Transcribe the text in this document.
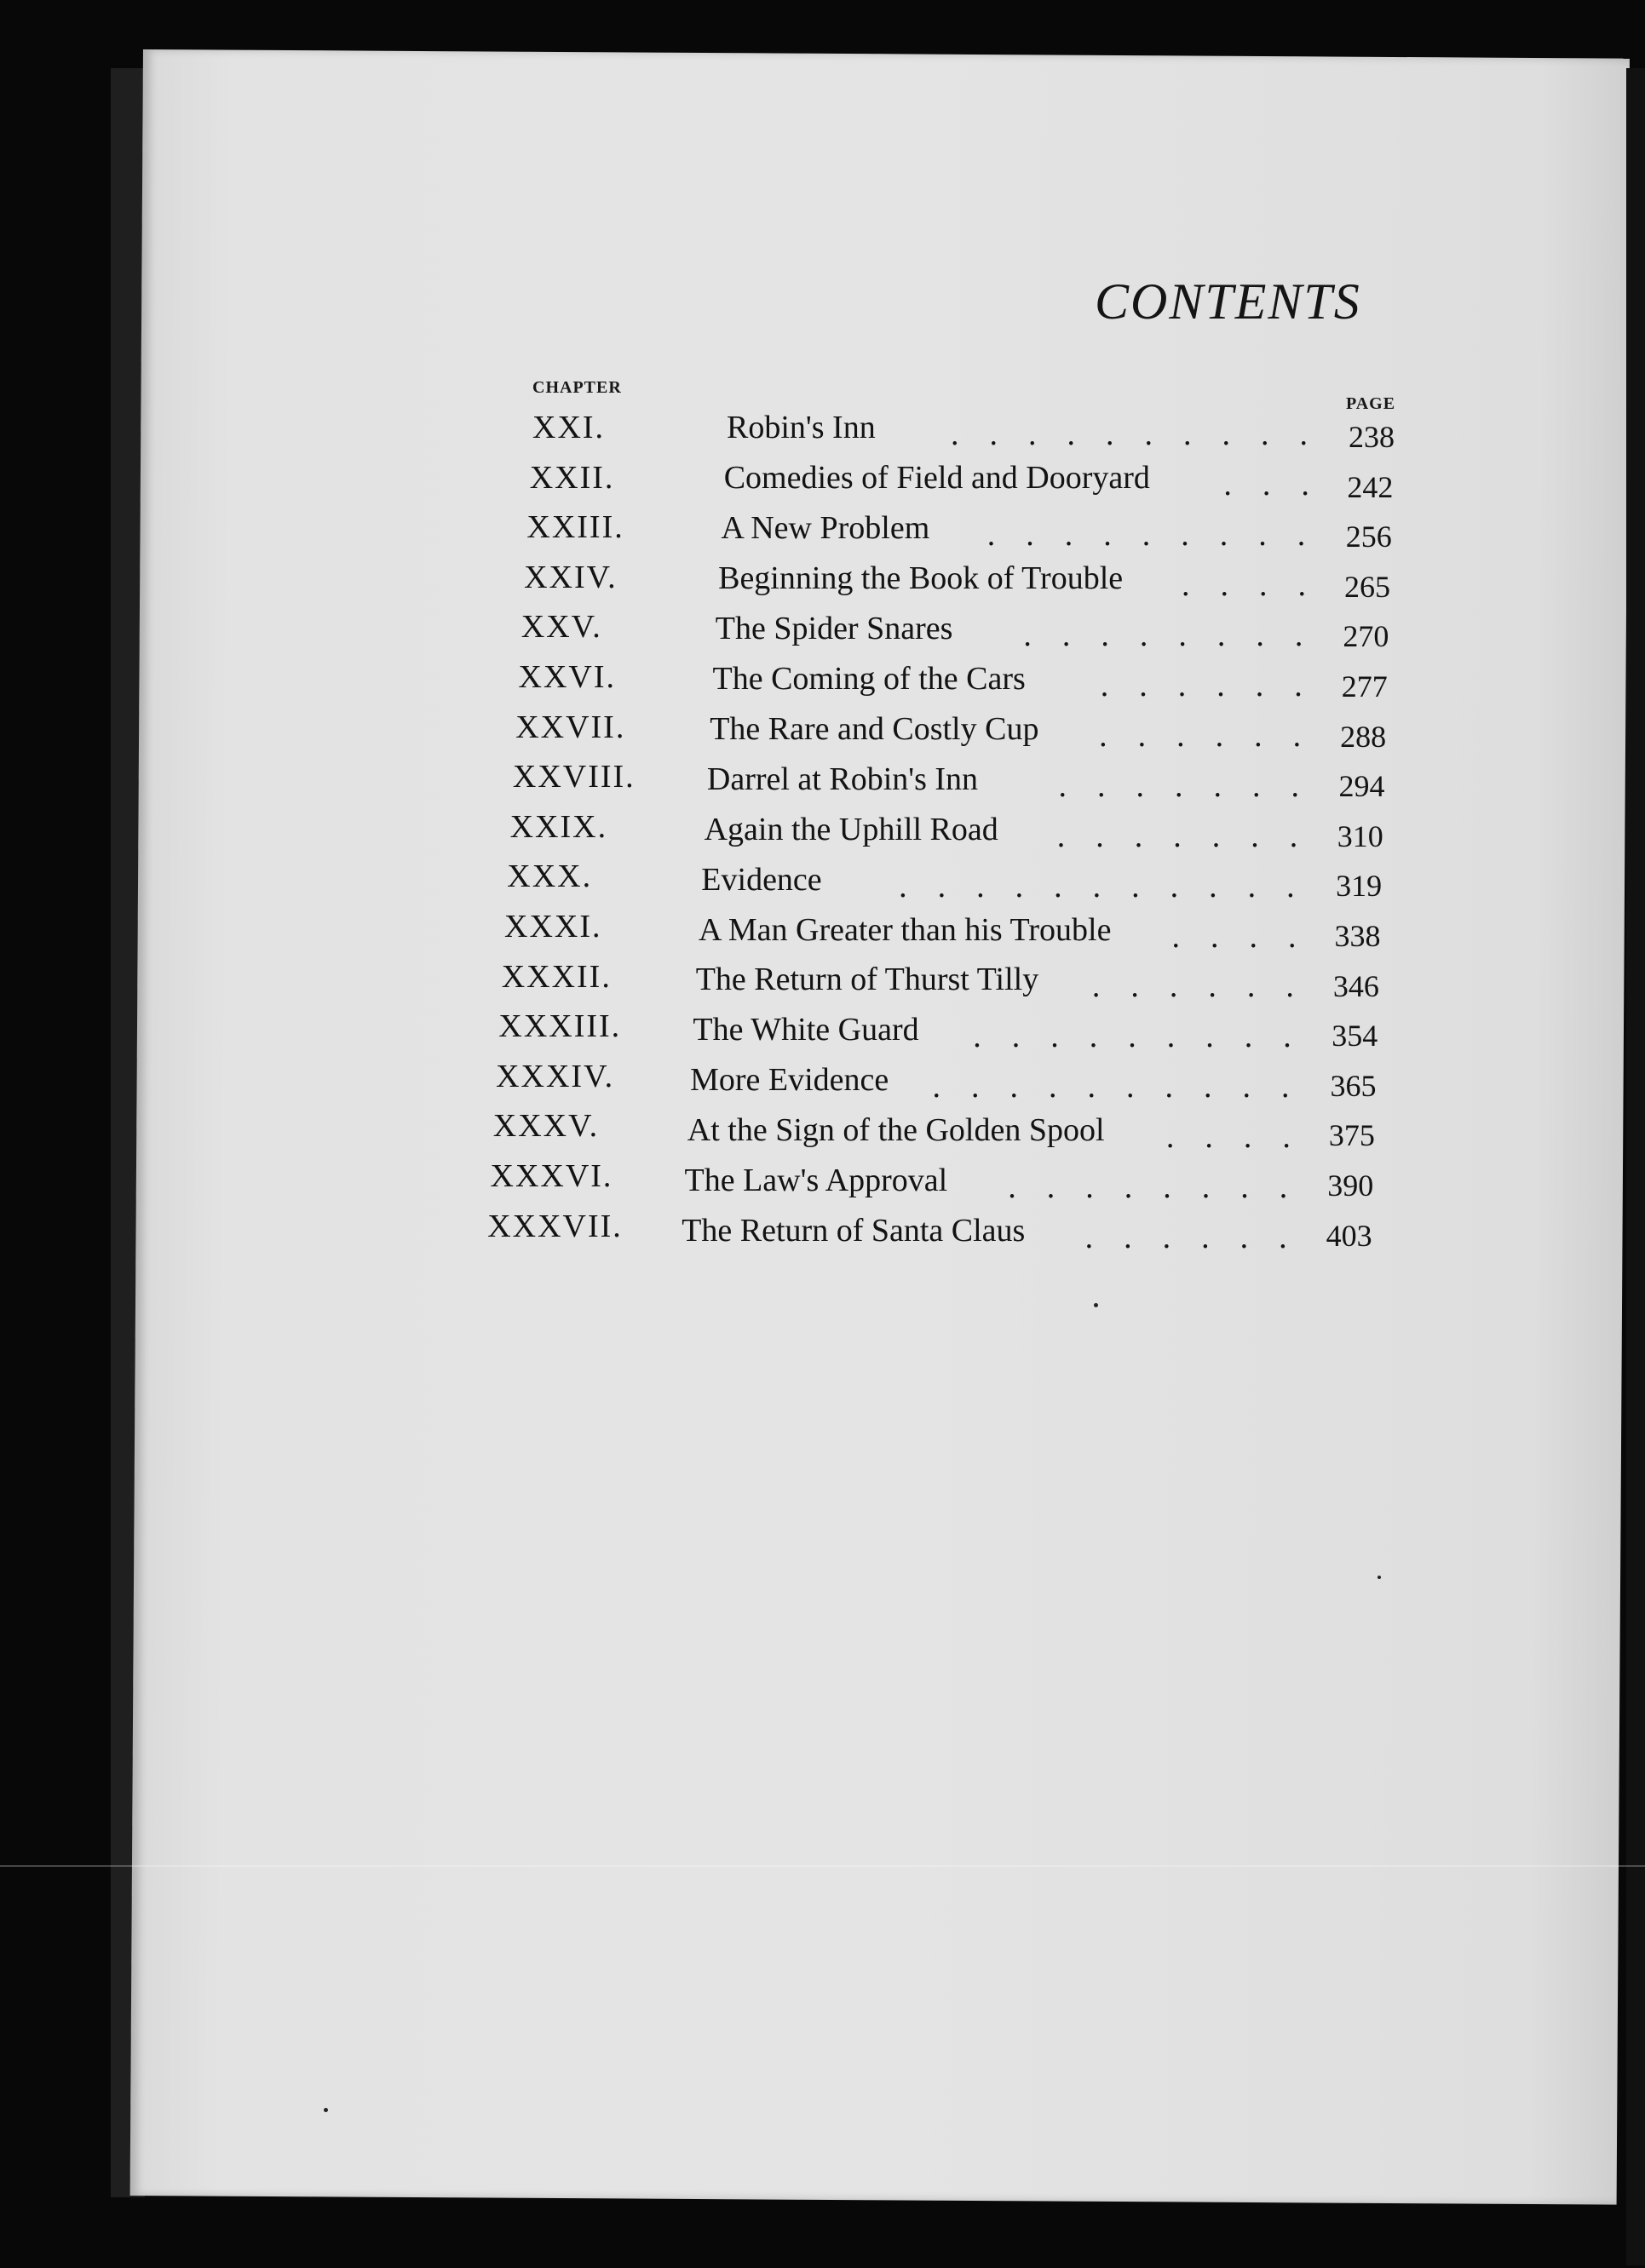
CONTENTS
CHAPTER
PAGE
XXI.	Robin's Inn .......... 238
XXII.	Comedies of Field and Dooryard ... 242
XXIII.	A New Problem ......... 256
XXIV.	Beginning the Book of Trouble .... 265
XXV.	The Spider Snares ........ 270
XXVI.	The Coming of the Cars ...... 277
XXVII.	The Rare and Costly Cup ...... 288
XXVIII. Darrel at Robin's Inn ....... 294
XXIX.	Again the Uphill Road ....... 310
XXX.	Evidence ........... 319
XXXI.	A Man Greater than his Trouble .... 338
XXXII.	The Return of Thurst Tilly ...... 346
XXXIII. The White Guard ......... 354
XXXIV. More Evidence .......... 365
XXXV.	At the Sign of the Golden Spool .... 375
XXXVI. The Law's Approval ........ 390
XXXVII. The Return of Santa Claus ...... 403
